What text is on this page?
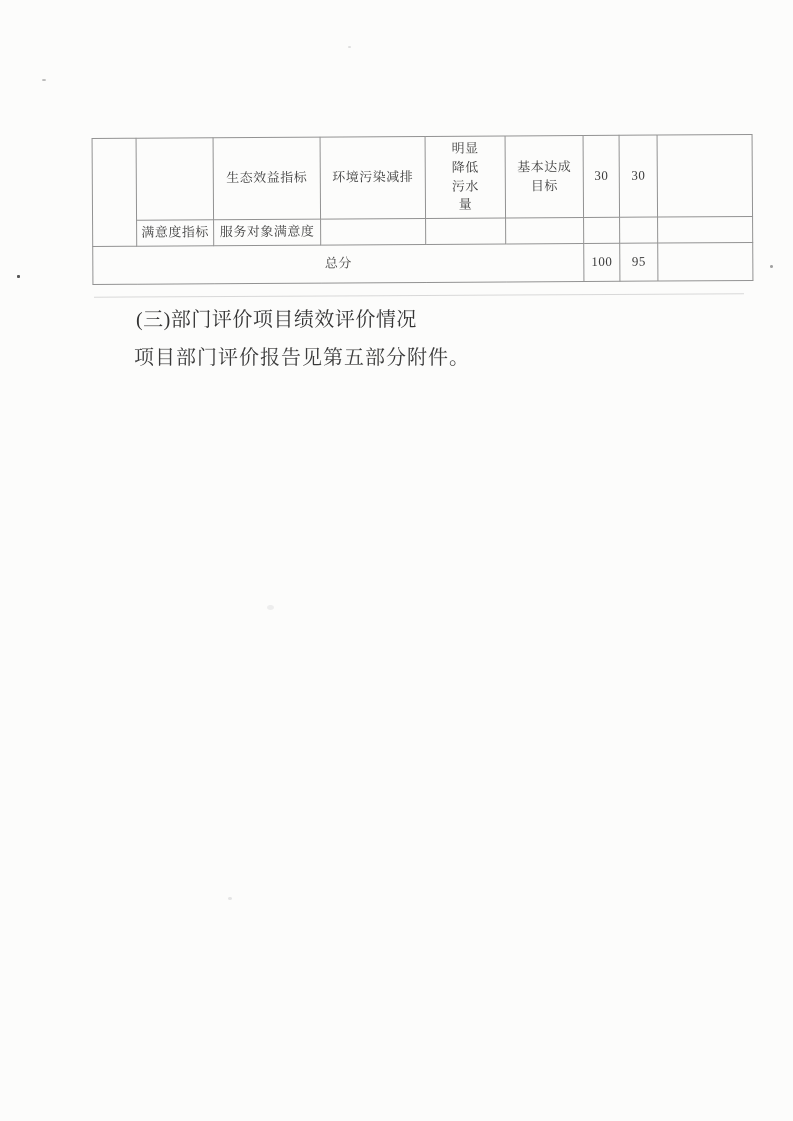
		生态效益指标	环境污染减排	明显
降低
污水
量	基本达成
目标	30	30	
	满意度指标	服务对象满意度						
总分						100	95	
(三)部门评价项目绩效评价情况
项目部门评价报告见第五部分附件。
